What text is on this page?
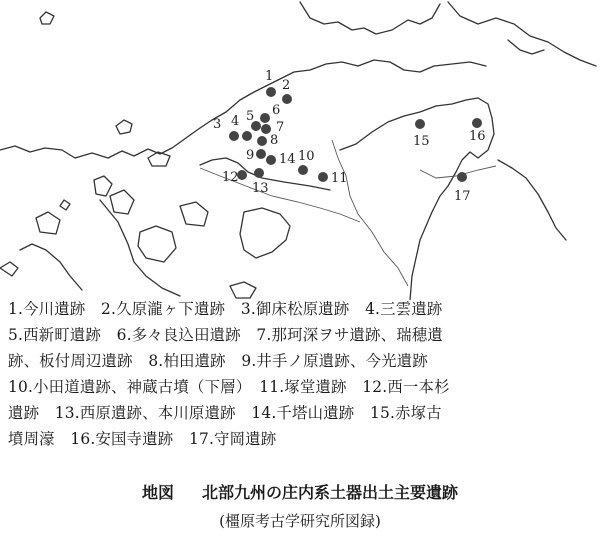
1
2
3 4 5 6
7
8
9	10
11
12
13
14
15	16
17
1.今川遺跡　2.久原瀧ヶ下遺跡　3.御床松原遺跡　4.三雲遺跡
5.西新町遺跡　6.多々良込田遺跡　7.那珂深ヲサ遺跡、瑞穂遺
跡、板付周辺遺跡　8.柏田遺跡　9.井手ノ原遺跡、今光遺跡
10.小田道遺跡、神蔵古墳（下層）　11.塚堂遺跡　12.西一本杉
遺跡　13.西原遺跡、本川原遺跡　14.千塔山遺跡　15.赤塚古
墳周濠　16.安国寺遺跡　17.守岡遺跡
地図 北部九州の庄内系土器出土主要遺跡
(橿原考古学研究所図録)
